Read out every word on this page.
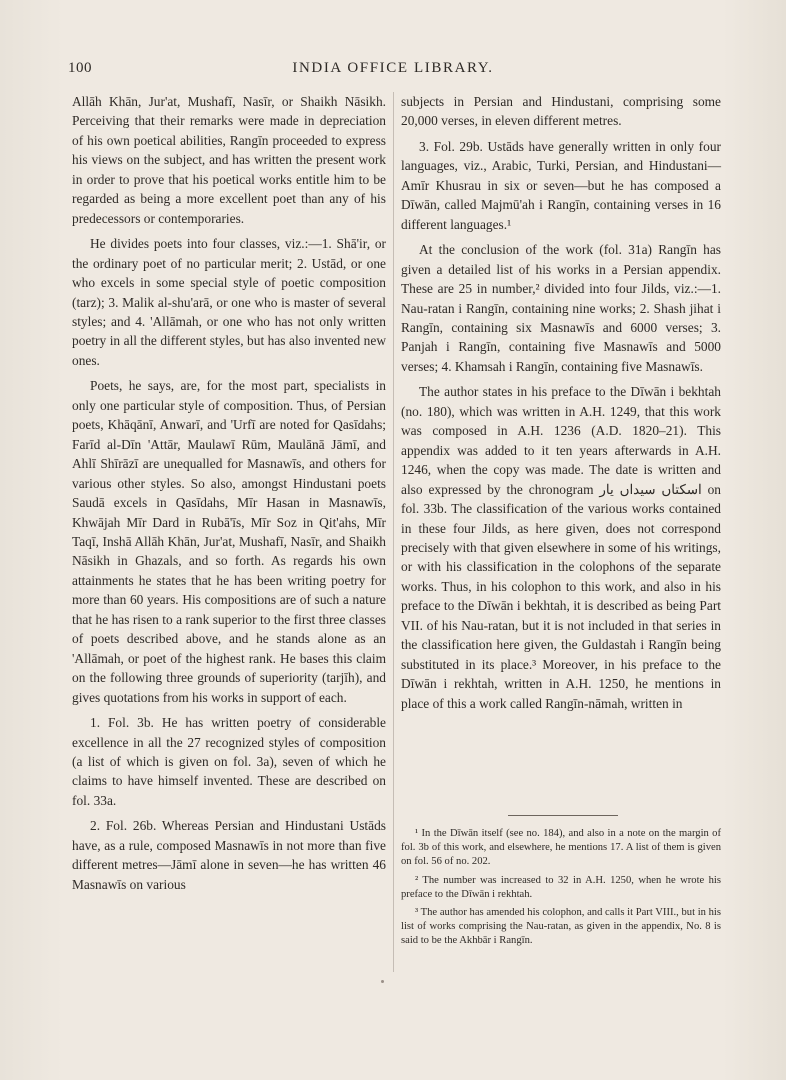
100	INDIA OFFICE LIBRARY.

Allāh Khān, Jur'at, Mushafī, Nasīr, or Shaikh Nāsikh. Perceiving that their remarks were made in depreciation of his own poetical abilities, Rangīn proceeded to express his views on the subject, and has written the present work in order to prove that his poetical works entitle him to be regarded as being a more excellent poet than any of his predecessors or contemporaries.

He divides poets into four classes, viz.:—1. Shā'ir, or the ordinary poet of no particular merit; 2. Ustād, or one who excels in some special style of poetic composition (tarz); 3. Malik al-shu'arā, or one who is master of several styles; and 4. 'Allāmah, or one who has not only written poetry in all the different styles, but has also invented new ones.

Poets, he says, are, for the most part, specialists in only one particular style of composition. Thus, of Persian poets, Khāqānī, Anwarī, and 'Urfī are noted for Qasīdahs; Farīd al-Dīn 'Attār, Maulawī Rūm, Maulānā Jāmī, and Ahlī Shīrāzī are unequalled for Masnawīs, and others for various other styles. So also, amongst Hindustani poets Saudā excels in Qasīdahs, Mīr Hasan in Masnawīs, Khwājah Mīr Dard in Rubā'īs, Mīr Soz in Qit'ahs, Mīr Taqī, Inshā Allāh Khān, Jur'at, Mushafī, Nasīr, and Shaikh Nāsikh in Ghazals, and so forth. As regards his own attainments he states that he has been writing poetry for more than 60 years. His compositions are of such a nature that he has risen to a rank superior to the first three classes of poets described above, and he stands alone as an 'Allāmah, or poet of the highest rank. He bases this claim on the following three grounds of superiority (tarjīh), and gives quotations from his works in support of each.

1. Fol. 3b. He has written poetry of considerable excellence in all the 27 recognized styles of composition (a list of which is given on fol. 3a), seven of which he claims to have himself invented. These are described on fol. 33a.

2. Fol. 26b. Whereas Persian and Hindustani Ustāds have, as a rule, composed Masnawīs in not more than five different metres—Jāmī alone in seven—he has written 46 Masnawīs on various

subjects in Persian and Hindustani, comprising some 20,000 verses, in eleven different metres.

3. Fol. 29b. Ustāds have generally written in only four languages, viz., Arabic, Turki, Persian, and Hindustani—Amīr Khusrau in six or seven—but he has composed a Dīwān, called Majmū'ah i Rangīn, containing verses in 16 different languages.¹

At the conclusion of the work (fol. 31a) Rangīn has given a detailed list of his works in a Persian appendix. These are 25 in number,² divided into four Jilds, viz.:—1. Nau-ratan i Rangīn, containing nine works; 2. Shash jihat i Rangīn, containing six Masnawīs and 6000 verses; 3. Panjah i Rangīn, containing five Masnawīs and 5000 verses; 4. Khamsah i Rangīn, containing five Masnawīs.

The author states in his preface to the Dīwān i bekhtah (no. 180), which was written in A.H. 1249, that this work was composed in A.H. 1236 (A.D. 1820–21). This appendix was added to it ten years afterwards in A.H. 1246, when the copy was made. The date is written and also expressed by the chronogram اسکتاں سیداں یار on fol. 33b. The classification of the various works contained in these four Jilds, as here given, does not correspond precisely with that given elsewhere in some of his writings, or with his classification in the colophons of the separate works. Thus, in his colophon to this work, and also in his preface to the Dīwān i bekhtah, it is described as being Part VII. of his Nau-ratan, but it is not included in that series in the classification here given, the Guldastah i Rangīn being substituted in its place.³ Moreover, in his preface to the Dīwān i rekhtah, written in A.H. 1250, he mentions in place of this a work called Rangīn-nāmah, written in

¹ In the Dīwān itself (see no. 184), and also in a note on the margin of fol. 3b of this work, and elsewhere, he mentions 17. A list of them is given on fol. 56 of no. 202.

² The number was increased to 32 in A.H. 1250, when he wrote his preface to the Dīwān i rekhtah.

³ The author has amended his colophon, and calls it Part VIII., but in his list of works comprising the Nau-ratan, as given in the appendix, No. 8 is said to be the Akhbār i Rangīn.
